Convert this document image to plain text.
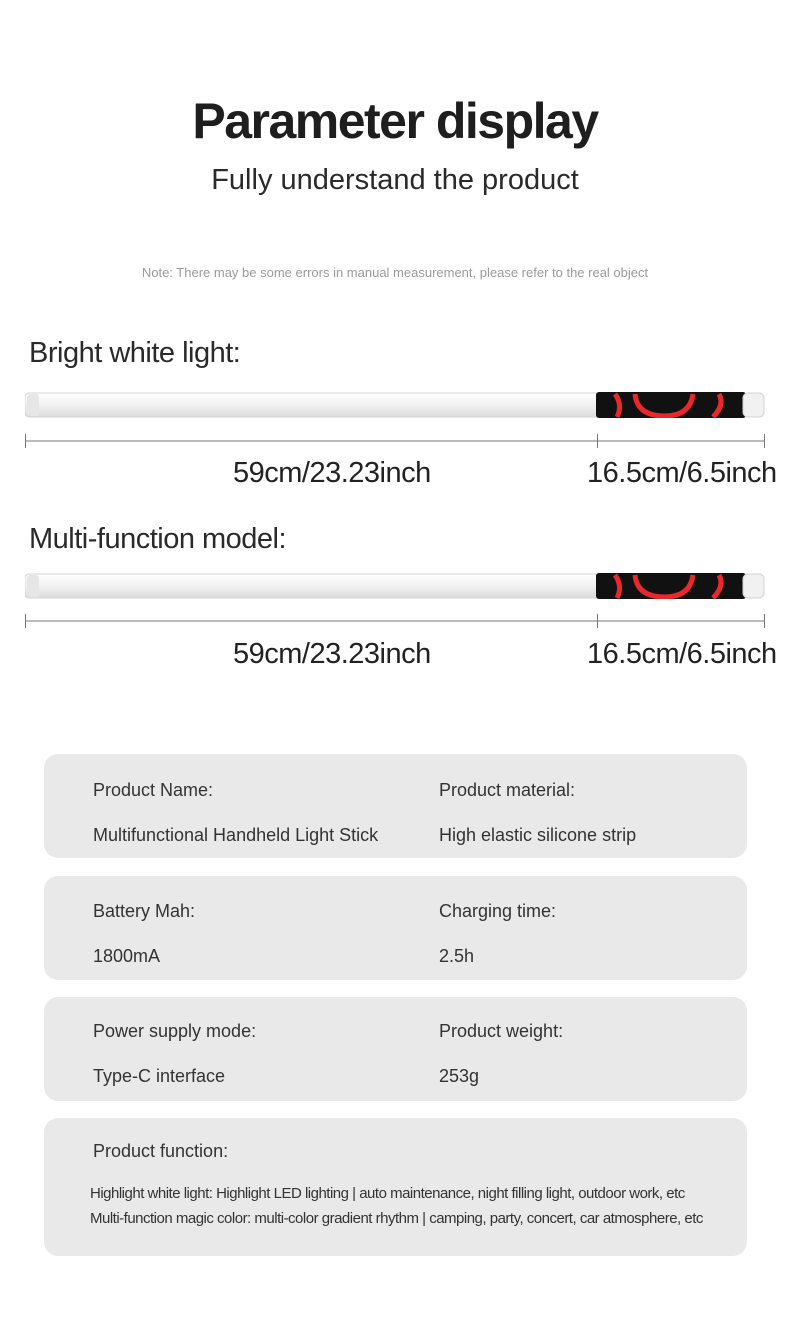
Parameter display
Fully understand the product
Note: There may be some errors in manual measurement, please refer to the real object
Bright white light:
59cm/23.23inch	16.5cm/6.5inch
Multi-function model:
59cm/23.23inch	16.5cm/6.5inch
Product Name:
Multifunctional Handheld Light Stick
Product material:
High elastic silicone strip
Battery Mah:
1800mA
Charging time:
2.5h
Power supply mode:
Type-C interface
Product weight:
253g
Product function:
Highlight white light: Highlight LED lighting | auto maintenance, night filling light, outdoor work, etc
Multi-function magic color: multi-color gradient rhythm | camping, party, concert, car atmosphere, etc
